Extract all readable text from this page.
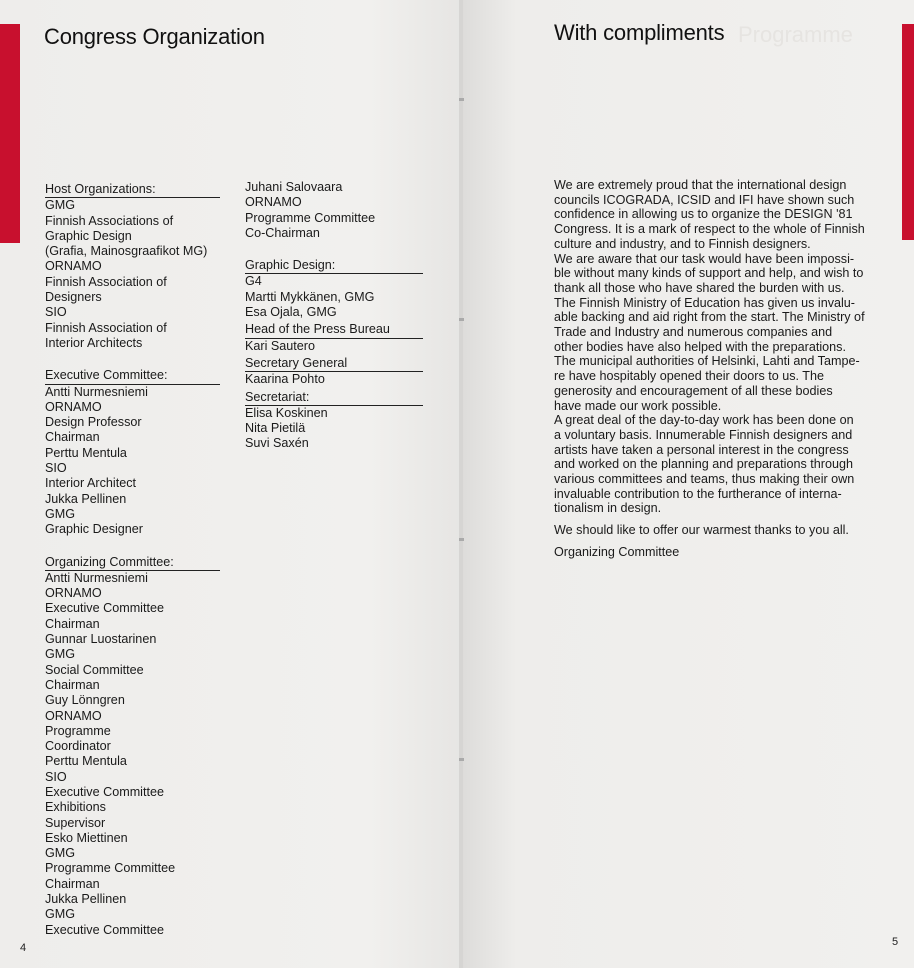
Congress Organization	Programme
With compliments
Host Organizations:
GMG
Finnish Associations of
Graphic Design
(Grafia, Mainosgraafikot MG)
ORNAMO
Finnish Association of
Designers
SIO
Finnish Association of
Interior Architects
Executive Committee:
Antti Nurmesniemi
ORNAMO
Design Professor
Chairman
Perttu Mentula
SIO
Interior Architect
Jukka Pellinen
GMG
Graphic Designer
Organizing Committee:
Antti Nurmesniemi
ORNAMO
Executive Committee
Chairman
Gunnar Luostarinen
GMG
Social Committee
Chairman
Guy Lönngren
ORNAMO
Programme
Coordinator
Perttu Mentula
SIO
Executive Committee
Exhibitions
Supervisor
Esko Miettinen
GMG
Programme Committee
Chairman
Jukka Pellinen
GMG
Executive Committee
Juhani Salovaara
ORNAMO
Programme Committee
Co-Chairman
Graphic Design:
G4
Martti Mykkänen, GMG
Esa Ojala, GMG
Head of the Press Bureau
Kari Sautero
Secretary General
Kaarina Pohto
Secretariat:
Elisa Koskinen
Nita Pietilä
Suvi Saxén
We are extremely proud that the international design
councils ICOGRADA, ICSID and IFI have shown such
confidence in allowing us to organize the DESIGN '81
Congress. It is a mark of respect to the whole of Finnish
culture and industry, and to Finnish designers.
We are aware that our task would have been impossi-
ble without many kinds of support and help, and wish to
thank all those who have shared the burden with us.
The Finnish Ministry of Education has given us invalu-
able backing and aid right from the start. The Ministry of
Trade and Industry and numerous companies and
other bodies have also helped with the preparations.
The municipal authorities of Helsinki, Lahti and Tampe-
re have hospitably opened their doors to us. The
generosity and encouragement of all these bodies
have made our work possible.
A great deal of the day-to-day work has been done on
a voluntary basis. Innumerable Finnish designers and
artists have taken a personal interest in the congress
and worked on the planning and preparations through
various committees and teams, thus making their own
invaluable contribution to the furtherance of interna-
tionalism in design.
We should like to offer our warmest thanks to you all.
Organizing Committee
4	5
